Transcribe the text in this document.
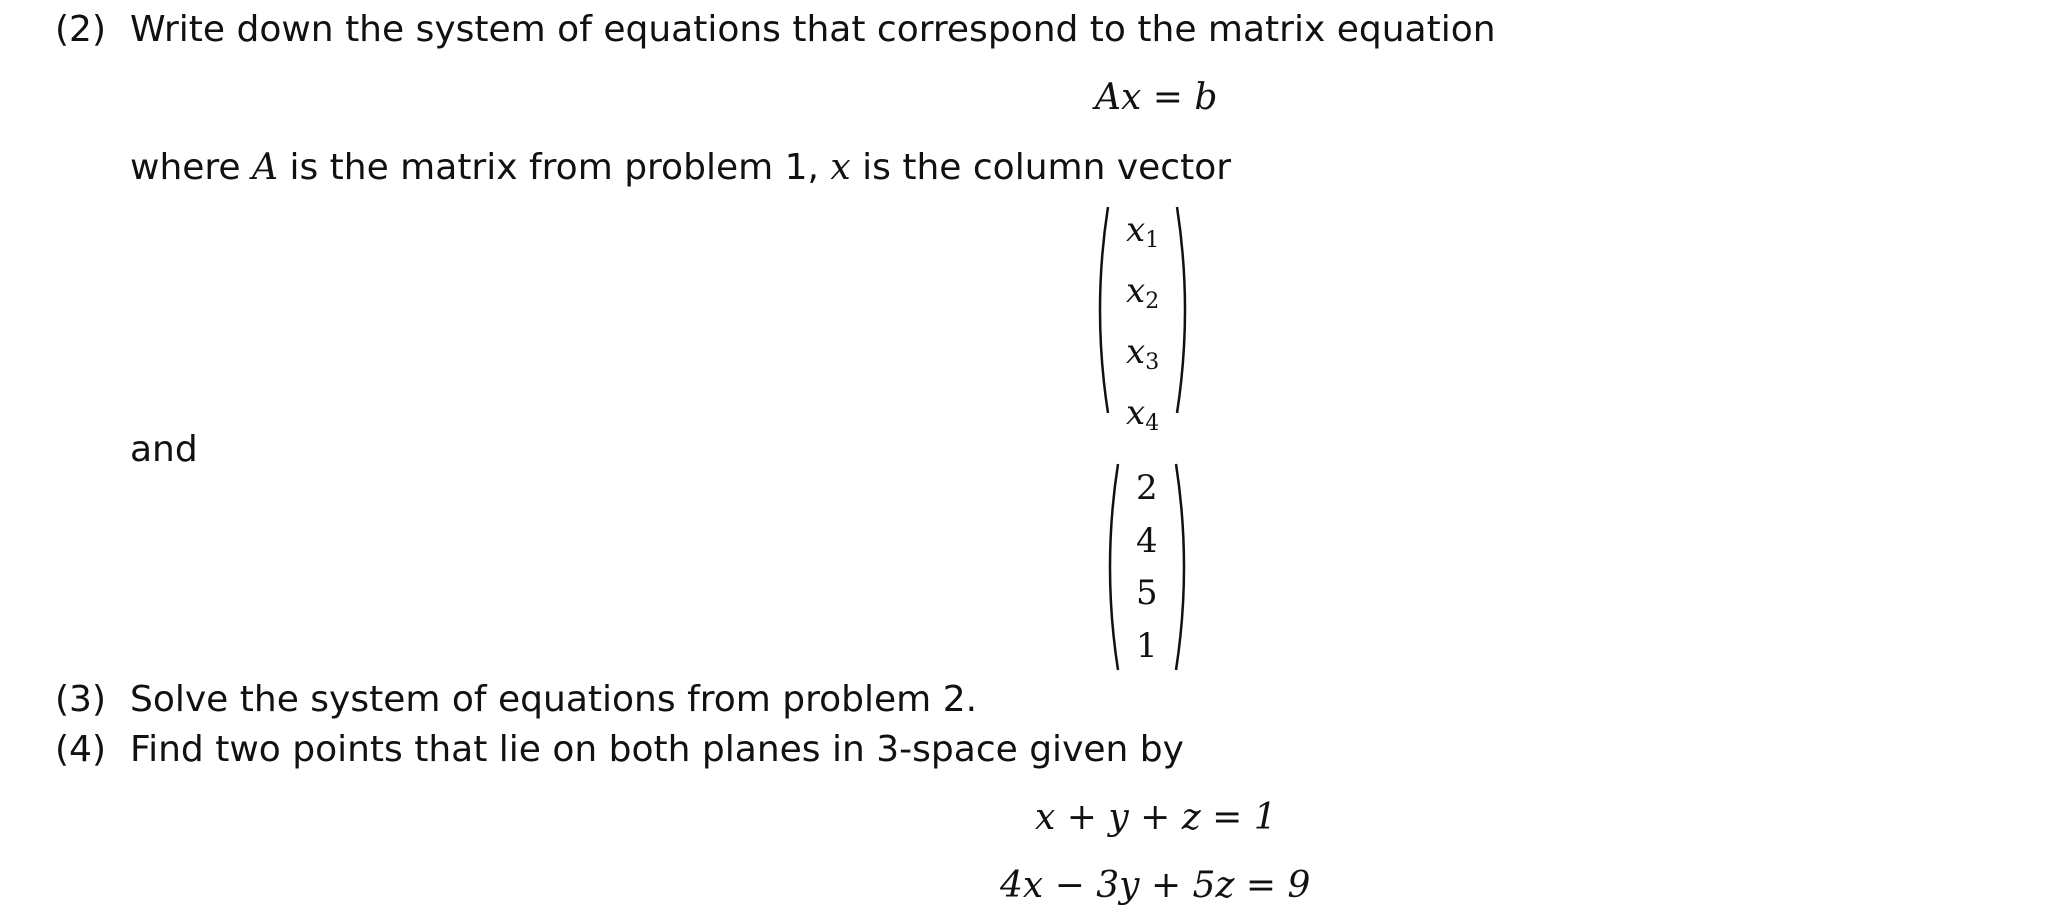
(2) Write down the system of equations that correspond to the matrix equation
Ax = b
where A is the matrix from problem 1, x is the column vector
$x_1$
$x_2$
$x_3$
$x_4$
and
2
4
5
1
(3) Solve the system of equations from problem 2.
(4) Find two points that lie on both planes in 3-space given by
x + y + z = 1
4x − 3y + 5z = 9
